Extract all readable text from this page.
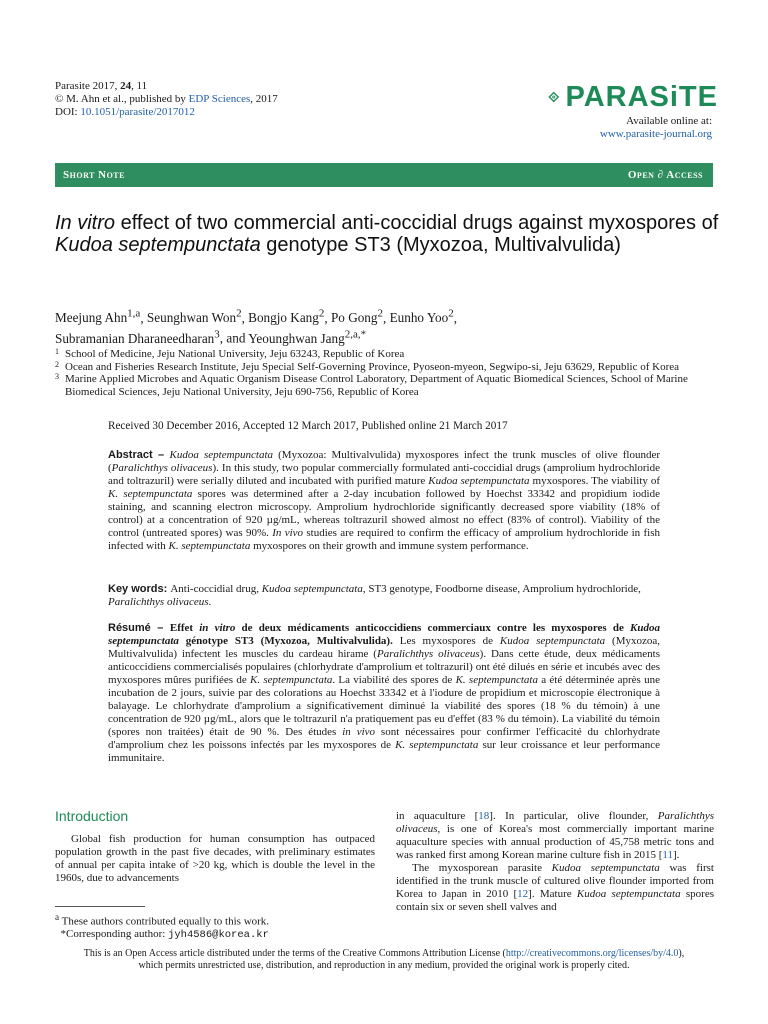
Parasite 2017, 24, 11
© M. Ahn et al., published by EDP Sciences, 2017
DOI: 10.1051/parasite/2017012	PARASiTE
Available online at:
www.parasite-journal.org
Short Note	Open ∂ Access
In vitro effect of two commercial anti-coccidial drugs against myxospores of Kudoa septempunctata genotype ST3 (Myxozoa, Multivalvulida)
Meejung Ahn$^{1,a}$, Seunghwan Won$^2$, Bongjo Kang$^2$, Po Gong$^2$, Eunho Yoo$^2$,
Subramanian Dharaneedharan$^3$, and Yeounghwan Jang$^{2,a,*}$
1 School of Medicine, Jeju National University, Jeju 63243, Republic of Korea
2 Ocean and Fisheries Research Institute, Jeju Special Self-Governing Province, Pyoseon-myeon, Segwipo-si, Jeju 63629, Republic of Korea
3 Marine Applied Microbes and Aquatic Organism Disease Control Laboratory, Department of Aquatic Biomedical Sciences, School of Marine Biomedical Sciences, Jeju National University, Jeju 690-756, Republic of Korea
Received 30 December 2016, Accepted 12 March 2017, Published online 21 March 2017
Abstract – Kudoa septempunctata (Myxozoa: Multivalvulida) myxospores infect the trunk muscles of olive flounder (Paralichthys olivaceus). In this study, two popular commercially formulated anti-coccidial drugs (amprolium hydrochloride and toltrazuril) were serially diluted and incubated with purified mature Kudoa septempunctata myxospores. The viability of K. septempunctata spores was determined after a 2-day incubation followed by Hoechst 33342 and propidium iodide staining, and scanning electron microscopy. Amprolium hydrochloride significantly decreased spore viability (18% of control) at a concentration of 920 µg/mL, whereas toltrazuril showed almost no effect (83% of control). Viability of the control (untreated spores) was 90%. In vivo studies are required to confirm the efficacy of amprolium hydrochloride in fish infected with K. septempunctata myxospores on their growth and immune system performance.
Key words: Anti-coccidial drug, Kudoa septempunctata, ST3 genotype, Foodborne disease, Amprolium hydrochloride, Paralichthys olivaceus.
Résumé – Effet in vitro de deux médicaments anticoccidiens commerciaux contre les myxospores de Kudoa septempunctata génotype ST3 (Myxozoa, Multivalvulida). Les myxospores de Kudoa septempunctata (Myxozoa, Multivalvulida) infectent les muscles du cardeau hirame (Paralichthys olivaceus). Dans cette étude, deux médicaments anticoccidiens commercialisés populaires (chlorhydrate d'amprolium et toltrazuril) ont été dilués en série et incubés avec des myxospores mûres purifiées de K. septempunctata. La viabilité des spores de K. septempunctata a été déterminée après une incubation de 2 jours, suivie par des colorations au Hoechst 33342 et à l'iodure de propidium et microscopie électronique à balayage. Le chlorhydrate d'amprolium a significativement diminué la viabilité des spores (18 % du témoin) à une concentration de 920 µg/mL, alors que le toltrazuril n'a pratiquement pas eu d'effet (83 % du témoin). La viabilité du témoin (spores non traitées) était de 90 %. Des études in vivo sont nécessaires pour confirmer l'efficacité du chlorhydrate d'amprolium chez les poissons infectés par les myxospores de K. septempunctata sur leur croissance et leur performance immunitaire.
Introduction

Global fish production for human consumption has outpaced population growth in the past five decades, with preliminary estimates of annual per capita intake of >20 kg, which is double the level in the 1960s, due to advancements

in aquaculture [18]. In particular, olive flounder, Paralichthys olivaceus, is one of Korea's most commercially important marine aquaculture species with annual production of 45,758 metric tons and was ranked first among Korean marine culture fish in 2015 [11].

The myxosporean parasite Kudoa septempunctata was first identified in the trunk muscle of cultured olive flounder imported from Korea to Japan in 2010 [12]. Mature Kudoa septempunctata spores contain six or seven shell valves and

$^a$ These authors contributed equally to this work.
*Corresponding author: jyh4586@korea.kr
This is an Open Access article distributed under the terms of the Creative Commons Attribution License (http://creativecommons.org/licenses/by/4.0),
which permits unrestricted use, distribution, and reproduction in any medium, provided the original work is properly cited.
